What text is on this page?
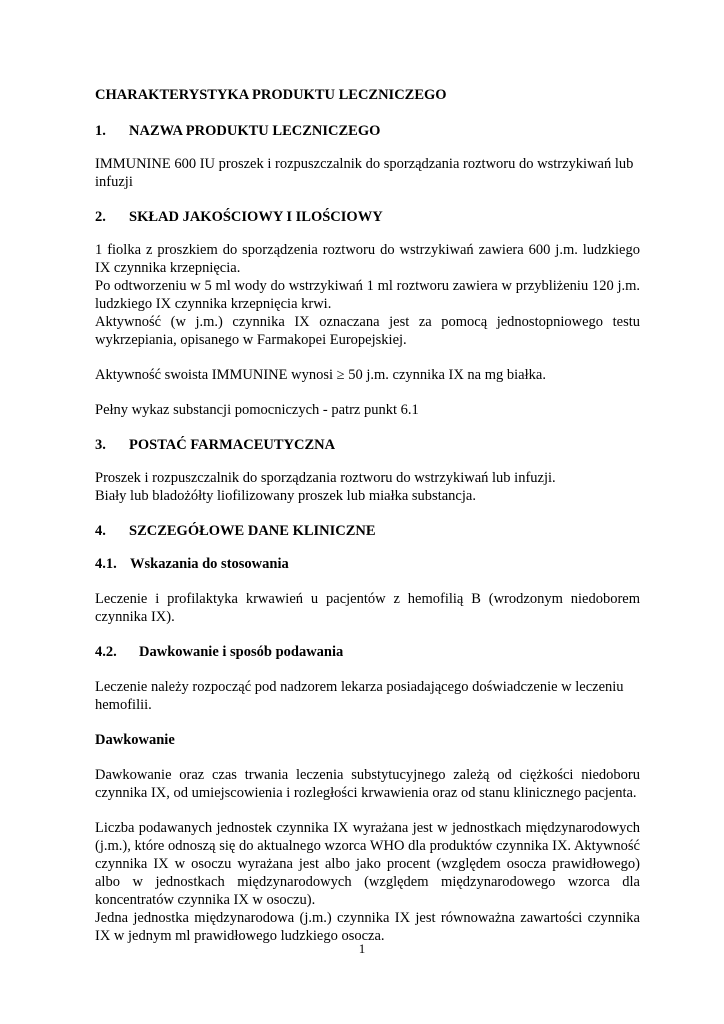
CHARAKTERYSTYKA PRODUKTU LECZNICZEGO
1.	NAZWA PRODUKTU LECZNICZEGO

IMMUNINE 600 IU proszek i rozpuszczalnik do sporządzania roztworu do wstrzykiwań lub infuzji

2.	SKŁAD JAKOŚCIOWY I ILOŚCIOWY

1 fiolka z proszkiem do sporządzenia roztworu do wstrzykiwań zawiera 600 j.m. ludzkiego IX czynnika krzepnięcia.
Po odtworzeniu w 5 ml wody do wstrzykiwań 1 ml roztworu zawiera w przybliżeniu 120 j.m. ludzkiego IX czynnika krzepnięcia krwi.
Aktywność (w j.m.) czynnika IX oznaczana jest za pomocą jednostopniowego testu wykrzepiania, opisanego w Farmakopei Europejskiej.

Aktywność swoista IMMUNINE wynosi ≥ 50 j.m. czynnika IX na mg białka.

Pełny wykaz substancji pomocniczych - patrz punkt 6.1

3.	POSTAĆ FARMACEUTYCZNA

Proszek i rozpuszczalnik do sporządzania roztworu do wstrzykiwań lub infuzji.
Biały lub bladożółty liofilizowany proszek lub miałka substancja.

4.	SZCZEGÓŁOWE DANE KLINICZNE
4.1. Wskazania do stosowania

Leczenie i profilaktyka krwawień u pacjentów z hemofilią B (wrodzonym niedoborem czynnika IX).

4.2.	Dawkowanie i sposób podawania

Leczenie należy rozpocząć pod nadzorem lekarza posiadającego doświadczenie w leczeniu hemofilii.

Dawkowanie

Dawkowanie oraz czas trwania leczenia substytucyjnego zależą od ciężkości niedoboru czynnika IX, od umiejscowienia i rozległości krwawienia oraz od stanu klinicznego pacjenta.

Liczba podawanych jednostek czynnika IX wyrażana jest w jednostkach międzynarodowych (j.m.), które odnoszą się do aktualnego wzorca WHO dla produktów czynnika IX. Aktywność czynnika IX w osoczu wyrażana jest albo jako procent (względem osocza prawidłowego) albo w jednostkach międzynarodowych (względem międzynarodowego wzorca dla koncentratów czynnika IX w osoczu).
Jedna jednostka międzynarodowa (j.m.) czynnika IX jest równoważna zawartości czynnika IX w jednym ml prawidłowego ludzkiego osocza.

1
